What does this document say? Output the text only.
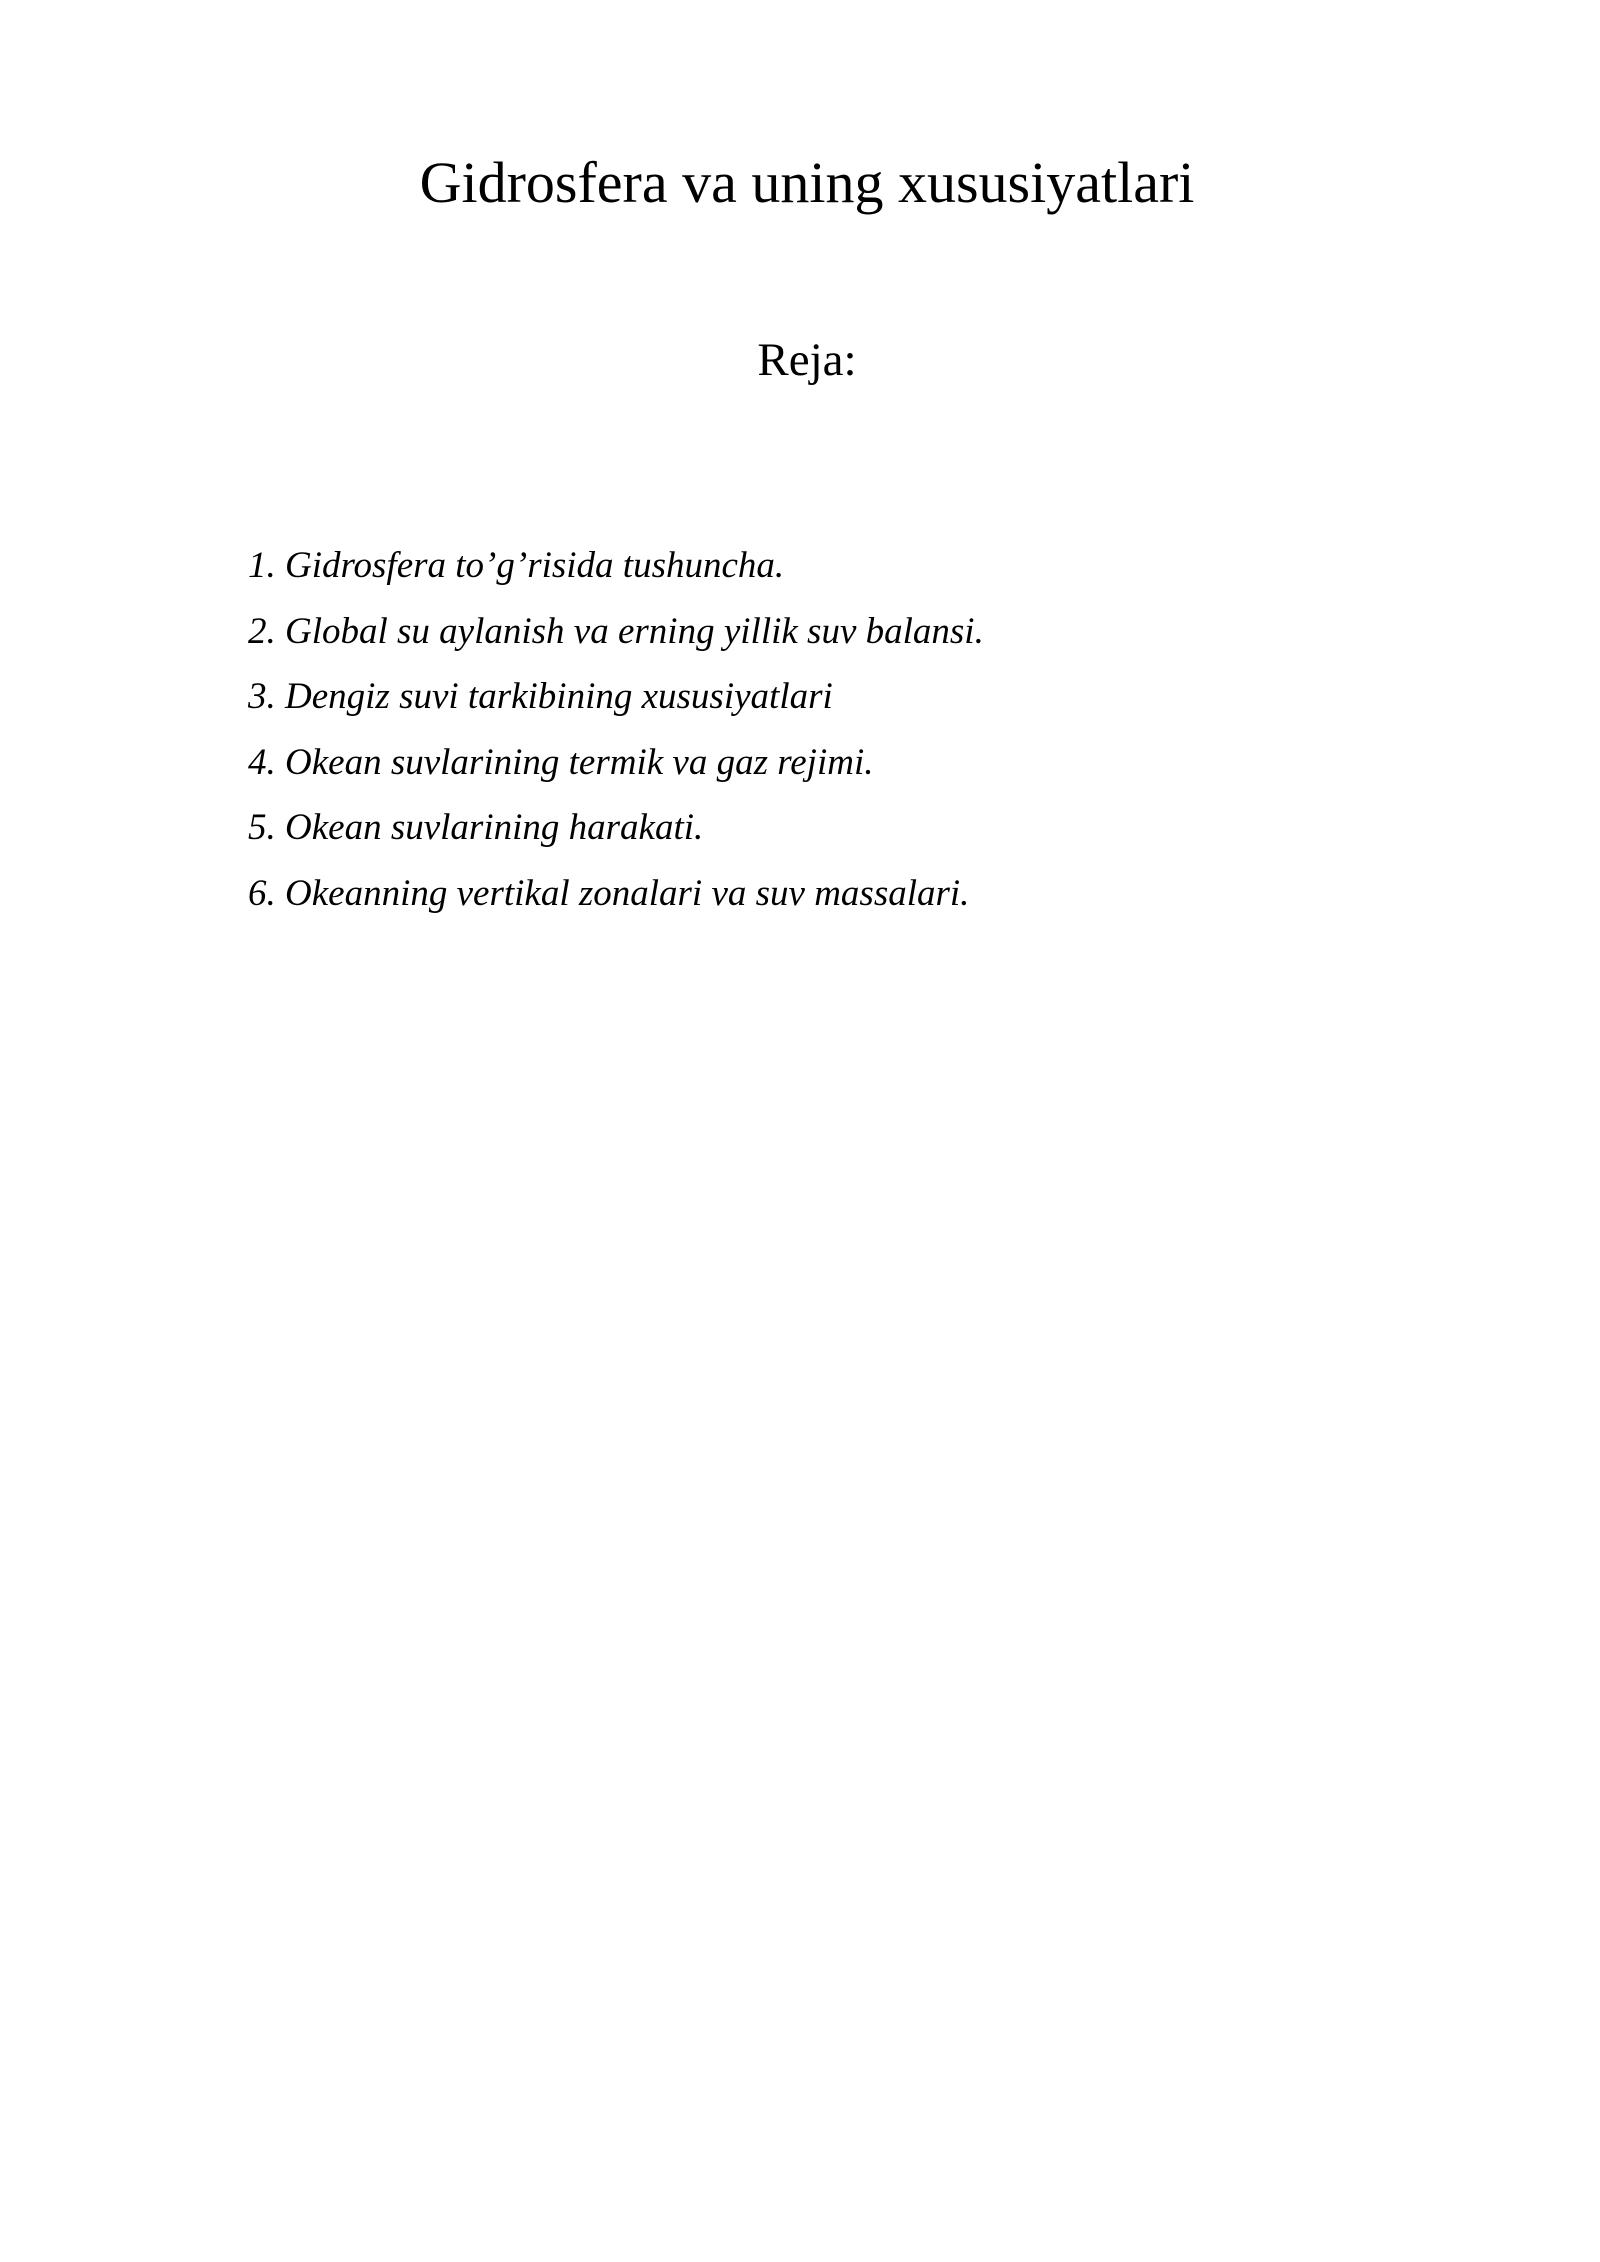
Gidrosfera va uning xususiyatlari
Reja:
1. Gidrosfera to’g’risida tushuncha.
2. Global su aylanish va erning yillik suv balansi.
3. Dengiz suvi tarkibining xususiyatlari
4. Okean suvlarining termik va gaz rejimi.
5. Okean suvlarining harakati.
6. Okeanning vertikal zonalari va suv massalari.
